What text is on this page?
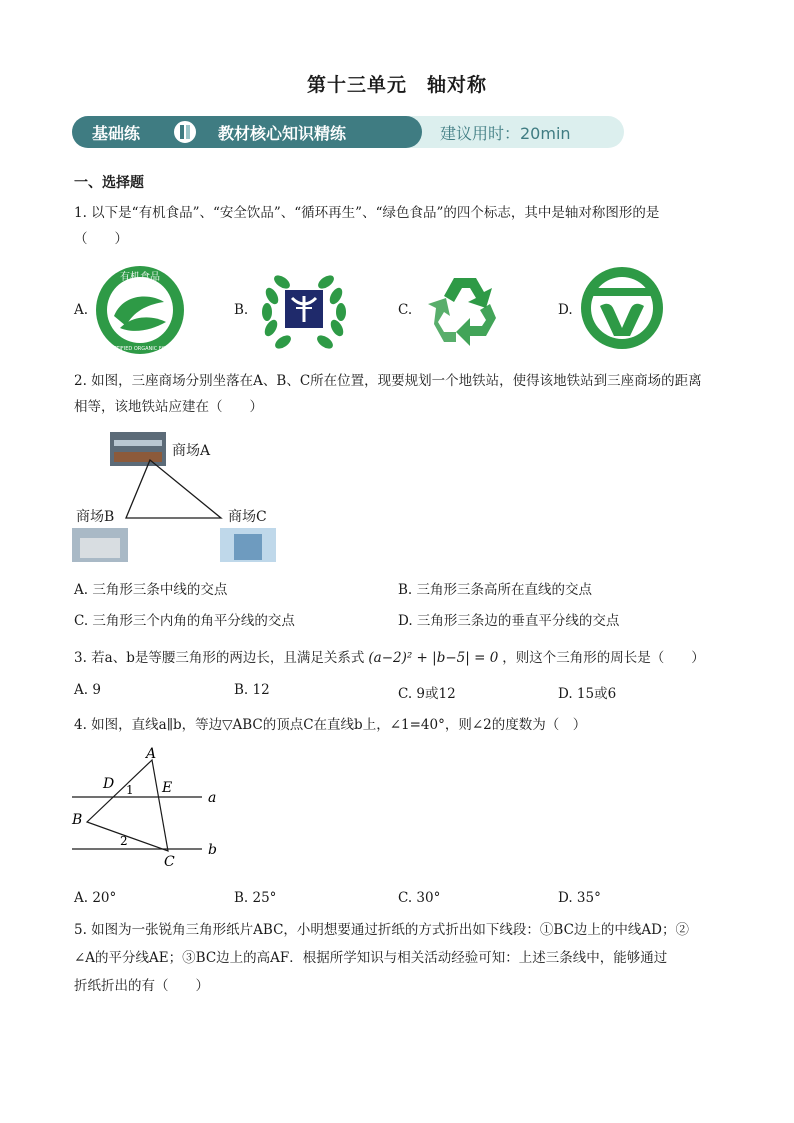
第十三单元　轴对称
基础练	教材核心知识精练	建议用时：20min
一、选择题
1. 以下是“有机食品”、“安全饮品”、“循环再生”、“绿色食品”的四个标志，其中是轴对称图形的是
（　　）
A.
有机食品
CERTIFIED ORGANIC FOOD
B.	C.	D.
2. 如图，三座商场分别坐落在A、B、C所在位置，现要规划一个地铁站，使得该地铁站到三座商场的距离
相等，该地铁站应建在（　　）
商场A
商场B	商场C
A. 三角形三条中线的交点	B. 三角形三条高所在直线的交点
C. 三角形三个内角的角平分线的交点	D. 三角形三条边的垂直平分线的交点
3. 若a、b是等腰三角形的两边长，且满足关系式 (a−2)² + |b−5| = 0 ，则这个三角形的周长是（　　）
A. 9	B. 12	C. 9或12	D. 15或6
4. 如图，直线a∥b，等边▽ABC的顶点C在直线b上，∠1=40°，则∠2的度数为（　）
A
D 1 E
a
B
2
b
C
A. 20°	B. 25°	C. 30°	D. 35°
5. 如图为一张锐角三角形纸片ABC，小明想要通过折纸的方式折出如下线段：①BC边上的中线AD；②
∠A的平分线AE；③BC边上的高AF．根据所学知识与相关活动经验可知：上述三条线中，能够通过
折纸折出的有（　　）
